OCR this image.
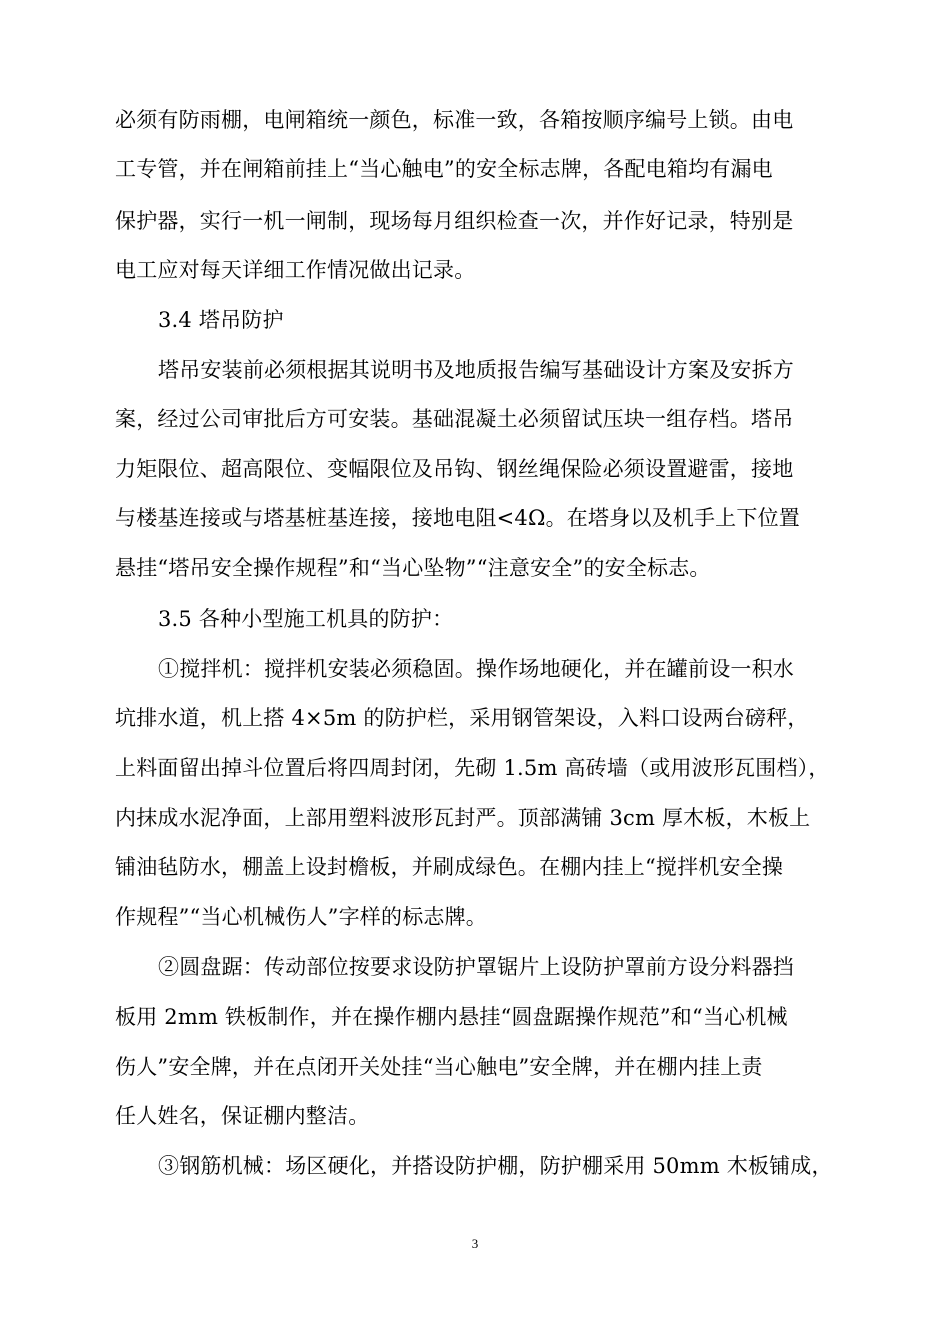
必须有防雨棚，电闸箱统一颜色，标准一致，各箱按顺序编号上锁。由电
工专管，并在闸箱前挂上“当心触电”的安全标志牌，各配电箱均有漏电
保护器，实行一机一闸制，现场每月组织检查一次，并作好记录，特别是
电工应对每天详细工作情况做出记录。
3.4 塔吊防护
塔吊安装前必须根据其说明书及地质报告编写基础设计方案及安拆方
案，经过公司审批后方可安装。基础混凝土必须留试压块一组存档。塔吊
力矩限位、超高限位、变幅限位及吊钩、钢丝绳保险必须设置避雷，接地
与楼基连接或与塔基桩基连接，接地电阻<4Ω。在塔身以及机手上下位置
悬挂“塔吊安全操作规程”和“当心坠物”“注意安全”的安全标志。
3.5 各种小型施工机具的防护：
①搅拌机：搅拌机安装必须稳固。操作场地硬化，并在罐前设一积水
坑排水道，机上搭 4×5m 的防护栏，采用钢管架设，入料口设两台磅秤，
上料面留出掉斗位置后将四周封闭，先砌 1.5m 高砖墙（或用波形瓦围档），
内抹成水泥净面，上部用塑料波形瓦封严。顶部满铺 3cm 厚木板，木板上
铺油毡防水，棚盖上设封檐板，并刷成绿色。在棚内挂上“搅拌机安全操
作规程”“当心机械伤人”字样的标志牌。
②圆盘踞：传动部位按要求设防护罩锯片上设防护罩前方设分料器挡
板用 2mm 铁板制作，并在操作棚内悬挂“圆盘踞操作规范”和“当心机械
伤人”安全牌，并在点闭开关处挂“当心触电”安全牌，并在棚内挂上责
任人姓名，保证棚内整洁。
③钢筋机械：场区硬化，并搭设防护棚，防护棚采用 50mm 木板铺成，
3
